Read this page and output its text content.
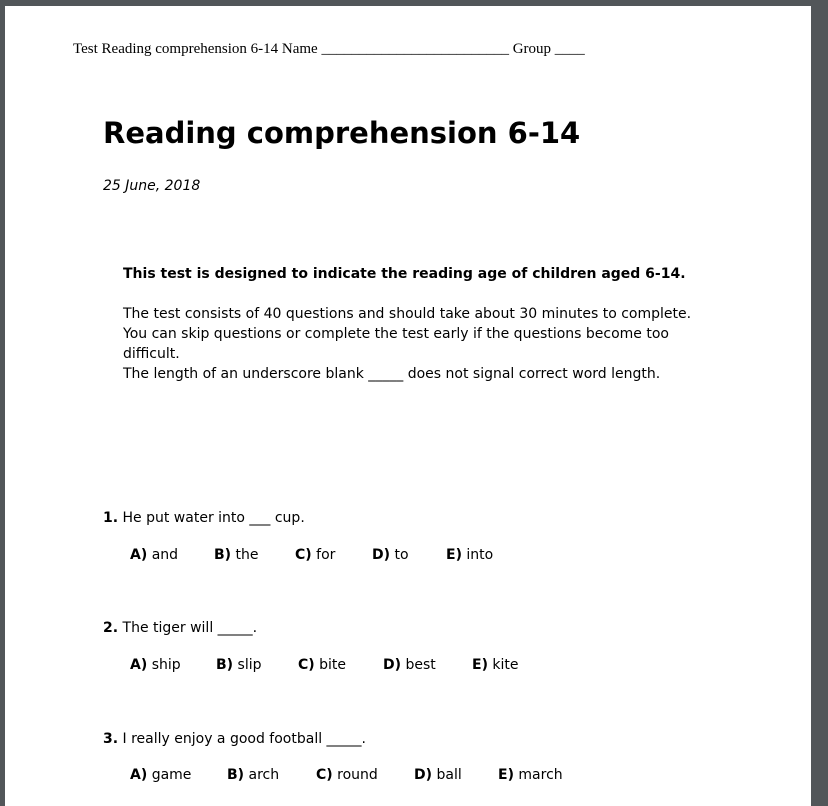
Test Reading comprehension 6-14 Name _________________________ Group ____
Reading comprehension 6-14
25 June, 2018
This test is designed to indicate the reading age of children aged 6-14.

The test consists of 40 questions and should take about 30 minutes to complete.

You can skip questions or complete the test early if the questions become too difficult.

The length of an underscore blank _____ does not signal correct word length.

1. He put water into ___ cup.
A) and	B) the	C) for	D) to	E) into
2. The tiger will _____.
A) ship	B) slip	C) bite	D) best	E) kite
3. I really enjoy a good football _____.
A) game	B) arch	C) round	D) ball	E) march
